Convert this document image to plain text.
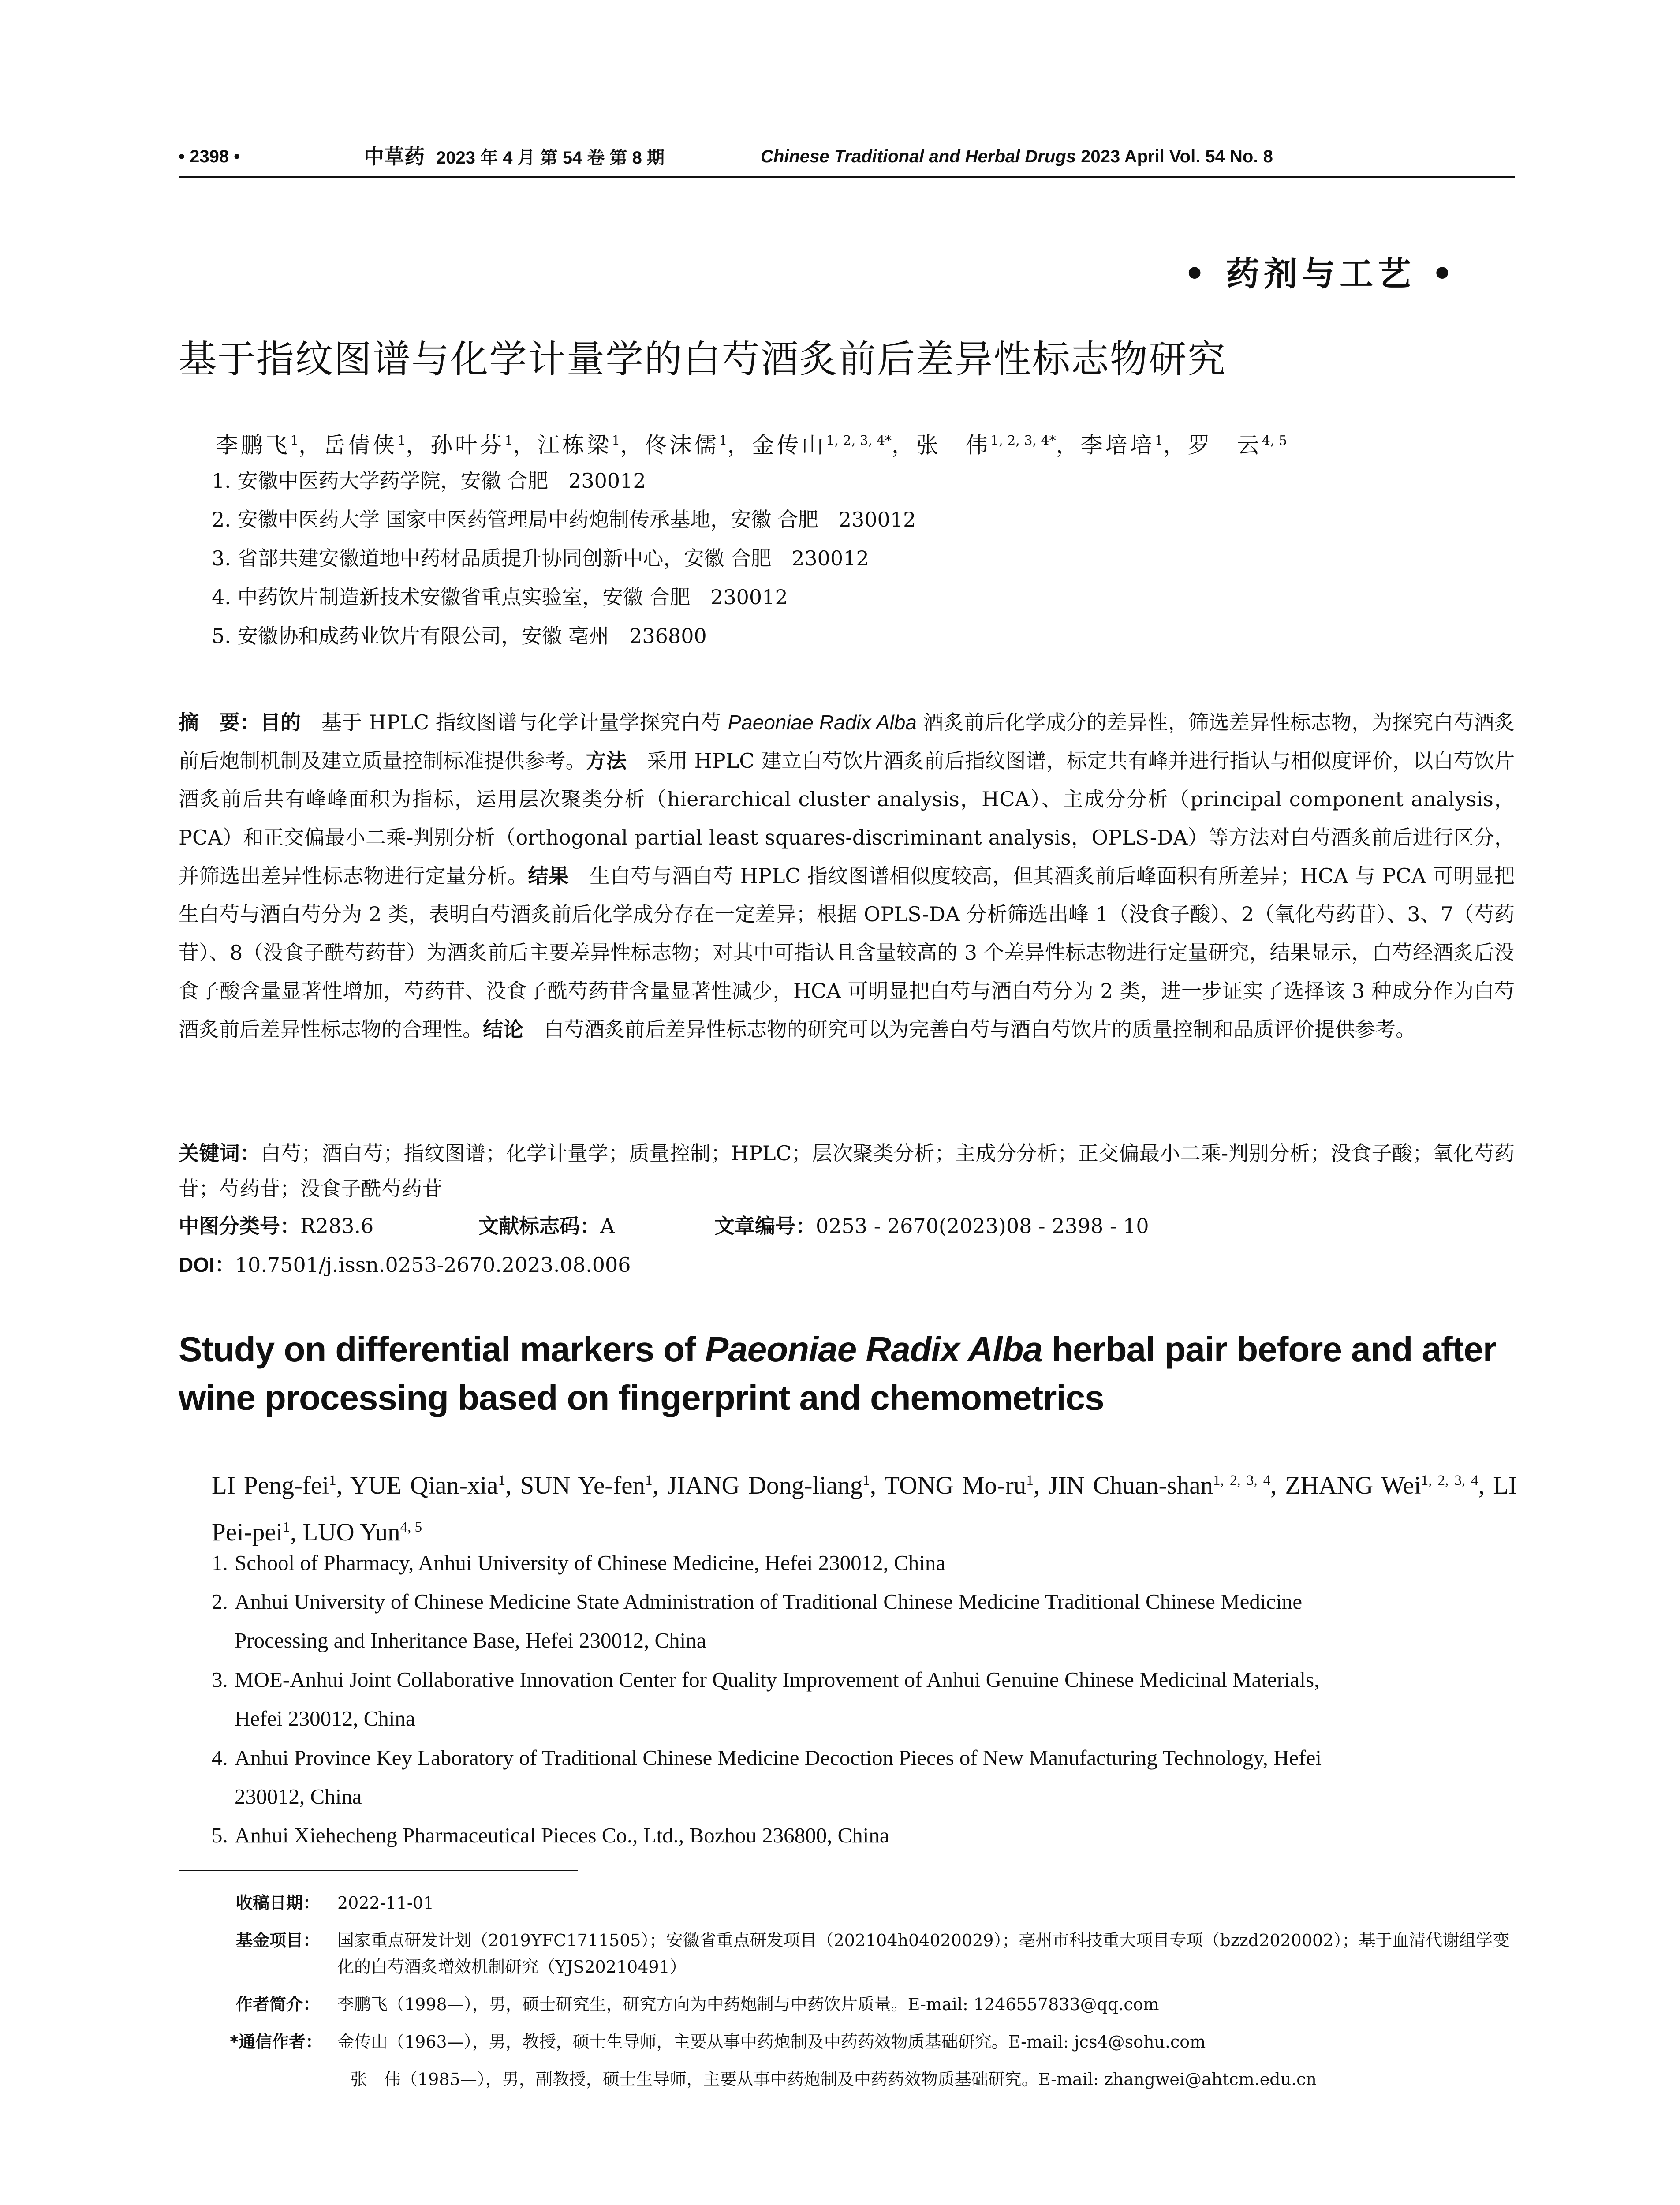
• 2398 •	中草药 2023 年 4 月 第 54 卷 第 8 期	Chinese Traditional and Herbal Drugs 2023 April Vol. 54 No. 8
• 药剂与工艺 •
基于指纹图谱与化学计量学的白芍酒炙前后差异性标志物研究
李鹏飞$^1$，岳倩侠$^1$，孙叶芬$^1$，江栋梁$^1$，佟沫儒$^1$，金传山$^{1, 2, 3, 4*}$，张　伟$^{1, 2, 3, 4*}$，李培培$^1$，罗　云$^{4, 5}$
1. 安徽中医药大学药学院，安徽 合肥　230012
2. 安徽中医药大学 国家中医药管理局中药炮制传承基地，安徽 合肥　230012
3. 省部共建安徽道地中药材品质提升协同创新中心，安徽 合肥　230012
4. 中药饮片制造新技术安徽省重点实验室，安徽 合肥　230012
5. 安徽协和成药业饮片有限公司，安徽 亳州　236800
摘　要：目的　基于 HPLC 指纹图谱与化学计量学探究白芍 Paeoniae Radix Alba 酒炙前后化学成分的差异性，筛选差异性标志物，为探究白芍酒炙前后炮制机制及建立质量控制标准提供参考。方法　采用 HPLC 建立白芍饮片酒炙前后指纹图谱，标定共有峰并进行指认与相似度评价，以白芍饮片酒炙前后共有峰峰面积为指标，运用层次聚类分析（hierarchical cluster analysis，HCA）、主成分分析（principal component analysis，PCA）和正交偏最小二乘-判别分析（orthogonal partial least squares-discriminant analysis，OPLS-DA）等方法对白芍酒炙前后进行区分，并筛选出差异性标志物进行定量分析。结果　生白芍与酒白芍 HPLC 指纹图谱相似度较高，但其酒炙前后峰面积有所差异；HCA 与 PCA 可明显把生白芍与酒白芍分为 2 类，表明白芍酒炙前后化学成分存在一定差异；根据 OPLS-DA 分析筛选出峰 1（没食子酸）、2（氧化芍药苷）、3、7（芍药苷）、8（没食子酰芍药苷）为酒炙前后主要差异性标志物；对其中可指认且含量较高的 3 个差异性标志物进行定量研究，结果显示，白芍经酒炙后没食子酸含量显著性增加，芍药苷、没食子酰芍药苷含量显著性减少，HCA 可明显把白芍与酒白芍分为 2 类，进一步证实了选择该 3 种成分作为白芍酒炙前后差异性标志物的合理性。结论　白芍酒炙前后差异性标志物的研究可以为完善白芍与酒白芍饮片的质量控制和品质评价提供参考。
关键词：白芍；酒白芍；指纹图谱；化学计量学；质量控制；HPLC；层次聚类分析；主成分分析；正交偏最小二乘-判别分析；没食子酸；氧化芍药苷；芍药苷；没食子酰芍药苷
中图分类号：R283.6	文献标志码：A	文章编号：0253 - 2670(2023)08 - 2398 - 10
DOI：10.7501/j.issn.0253-2670.2023.08.006
Study on differential markers of Paeoniae Radix Alba herbal pair before and after wine processing based on fingerprint and chemometrics
LI Peng-fei$^1$, YUE Qian-xia$^1$, SUN Ye-fen$^1$, JIANG Dong-liang$^1$, TONG $Mo-ru^1$, JIN Chuan-shan$^{1, 2, 3, 4}$, ZHANG Wei$^{1, 2, 3, 4}$, LI Pei-pei$^1$, LUO Yun$^{4, 5}$
1. School of Pharmacy, Anhui University of Chinese Medicine, Hefei 230012, China
2. Anhui University of Chinese Medicine State Administration of Traditional Chinese Medicine Traditional Chinese Medicine
Processing and Inheritance Base, Hefei 230012, China
3. MOE-Anhui Joint Collaborative Innovation Center for Quality Improvement of Anhui Genuine Chinese Medicinal Materials,
Hefei 230012, China
4. Anhui Province Key Laboratory of Traditional Chinese Medicine Decoction Pieces of New Manufacturing Technology, Hefei
230012, China
5. Anhui Xiehecheng Pharmaceutical Pieces Co., Ltd., Bozhou 236800, China
收稿日期： 2022-11-01
基金项目： 国家重点研发计划（2019YFC1711505）；安徽省重点研发项目（202104h04020029）；亳州市科技重大项目专项（bzzd2020002）；基于血清代谢组学变化的白芍酒炙增效机制研究（YJS20210491）
作者简介： 李鹏飞（1998—），男，硕士研究生，研究方向为中药炮制与中药饮片质量。E-mail: 1246557833@qq.com
*通信作者： 金传山（1963—），男，教授，硕士生导师，主要从事中药炮制及中药药效物质基础研究。E-mail: jcs4@sohu.com
张　伟（1985—），男，副教授，硕士生导师，主要从事中药炮制及中药药效物质基础研究。E-mail: zhangwei@ahtcm.edu.cn
